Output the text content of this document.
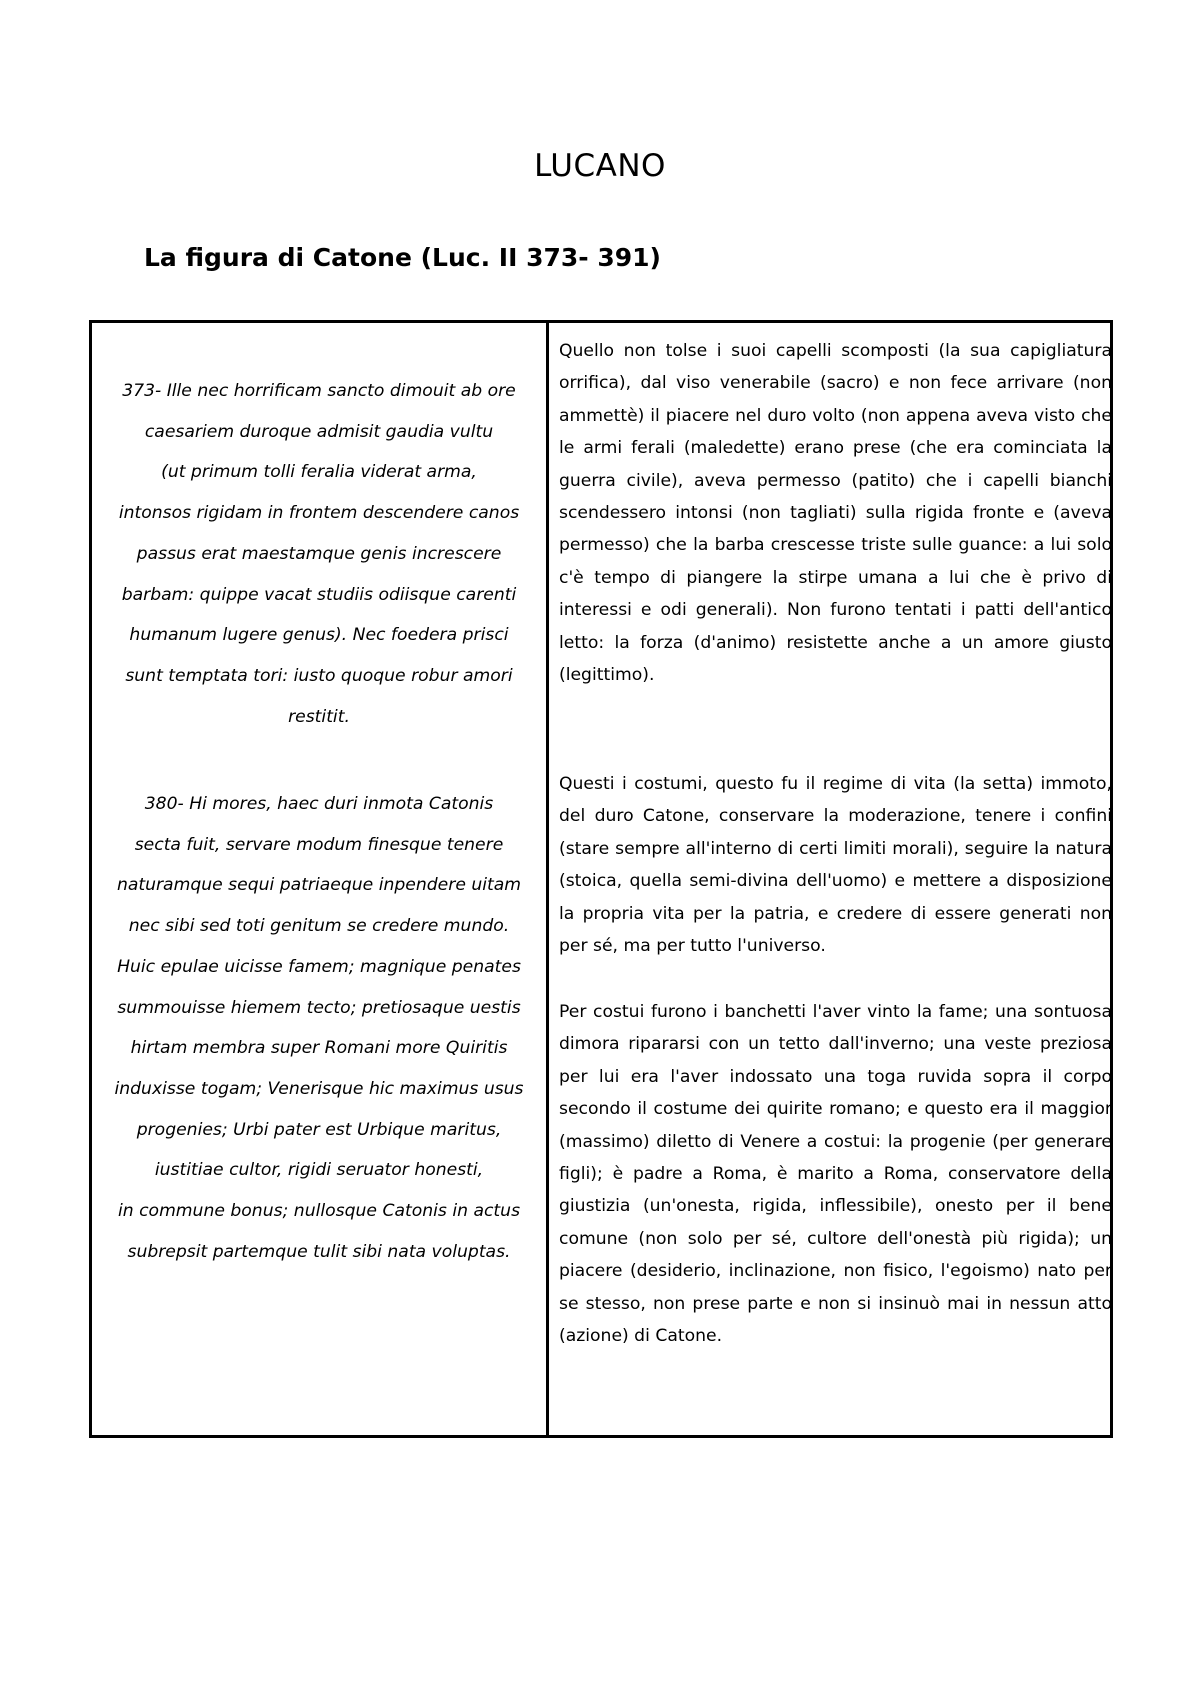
LUCANO
La figura di Catone (Luc. II 373- 391)

373- Ille nec horrificam sancto dimouit ab ore
caesariem duroque admisit gaudia vultu
(ut primum tolli feralia viderat arma,
intonsos rigidam in frontem descendere canos
passus erat maestamque genis increscere
barbam: quippe vacat studiis odiisque carenti
humanum lugere genus). Nec foedera prisci
sunt temptata tori: iusto quoque robur amori
restitit.

380- Hi mores, haec duri inmota Catonis
secta fuit, servare modum finesque tenere
naturamque sequi patriaeque inpendere uitam
nec sibi sed toti genitum se credere mundo.
Huic epulae uicisse famem; magnique penates
summouisse hiemem tecto; pretiosaque uestis
hirtam membra super Romani more Quiritis
induxisse togam; Venerisque hic maximus usus
progenies; Urbi pater est Urbique maritus,
iustitiae cultor, rigidi seruator honesti,
in commune bonus; nullosque Catonis in actus
subrepsit partemque tulit sibi nata voluptas.

Quello non tolse i suoi capelli scomposti (la sua capigliatura orrifica), dal viso venerabile (sacro) e non fece arrivare (non ammettè) il piacere nel duro volto (non appena aveva visto che le armi ferali (maledette) erano prese (che era cominciata la guerra civile), aveva permesso (patito) che i capelli bianchi scendessero intonsi (non tagliati) sulla rigida fronte e (aveva permesso) che la barba crescesse triste sulle guance: a lui solo c'è tempo di piangere la stirpe umana a lui che è privo di interessi e odi generali). Non furono tentati i patti dell'antico letto: la forza (d'animo) resistette anche a un amore giusto (legittimo).

Questi i costumi, questo fu il regime di vita (la setta) immoto, del duro Catone, conservare la moderazione, tenere i confini (stare sempre all'interno di certi limiti morali), seguire la natura (stoica, quella semi-divina dell'uomo) e mettere a disposizione la propria vita per la patria, e credere di essere generati non per sé, ma per tutto l'universo.

Per costui furono i banchetti l'aver vinto la fame; una sontuosa dimora ripararsi con un tetto dall'inverno; una veste preziosa per lui era l'aver indossato una toga ruvida sopra il corpo secondo il costume dei quirite romano; e questo era il maggior (massimo) diletto di Venere a costui: la progenie (per generare figli); è padre a Roma, è marito a Roma, conservatore della giustizia (un'onesta, rigida, inflessibile), onesto per il bene comune (non solo per sé, cultore dell'onestà più rigida); un piacere (desiderio, inclinazione, non fisico, l'egoismo) nato per se stesso, non prese parte e non si insinuò mai in nessun atto (azione) di Catone.
